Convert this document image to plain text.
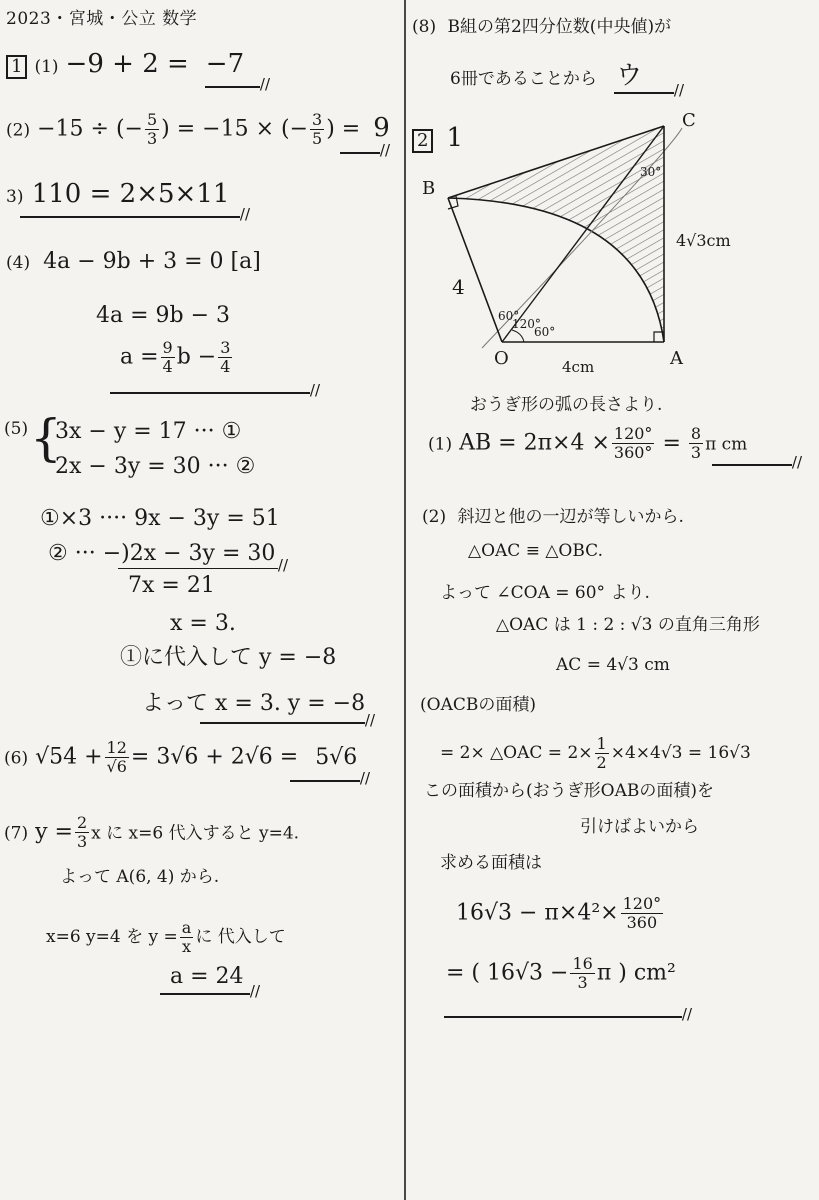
2023・宮城・公立 数学
1 (1) −9 + 2 = −7
//
(2) −15 ÷ (− $\frac{5}{3}$ ) = −15 × (− $\frac{3}{5}$ ) = 9
//
3) 110 = 2×5×11
//
(4) 4a − 9b + 3 = 0 [a]
4a = 9b − 3
$a = \frac{9}{4}$ $b - \frac{3}{4}$
//
(5) {
3x − y = 17 ··· ①
2x − 3y = 30 ··· ②
①×3 ···· 9x − 3y = 51
② ··· −)2x − 3y = 30
//
7x = 21
x = 3.
①に代入して y = −8
よって x = 3. y = −8
//
(6) $√54 + \frac{12}{√6} = 3√6 + 2√6 = 5√6$
//
(7) $y = \frac{2}{3}$ x に x=6 代入すると y=4.
よって A(6, 4) から.
x=6 y=4 を $y = \frac{a}{x}$ に 代入して
a = 24
//
(8) B組の第2四分位数(中央値)が
6冊であることから ウ
//
2 1
B
C
O	A
4
4cm
4√3cm
60°
120°
60°
30°
おうぎ形の弧の長さより.
(1) AB = $2\pi\times 4 \times \frac{120^\circ}{360^\circ} = \frac{8}{3}$ π cm
//
(2) 斜辺と他の一辺が等しいから.
△OAC ≡ △OBC.
よって ∠COA = 60° より.
△OAC は 1 : 2 : √3 の直角三角形
AC = 4√3 cm
(OACBの面積)
= 2× △OAC = $2\times \frac{1}{2} \times 4\times 4√3 = 16√3$
この面積から(おうぎ形OABの面積)を
引けばよいから
求める面積は
$16√3 - \pi\times 4^2\times \frac{120^\circ}{360}$
= ( $16√3 - \frac{16}{3}$ π ) cm²
//
